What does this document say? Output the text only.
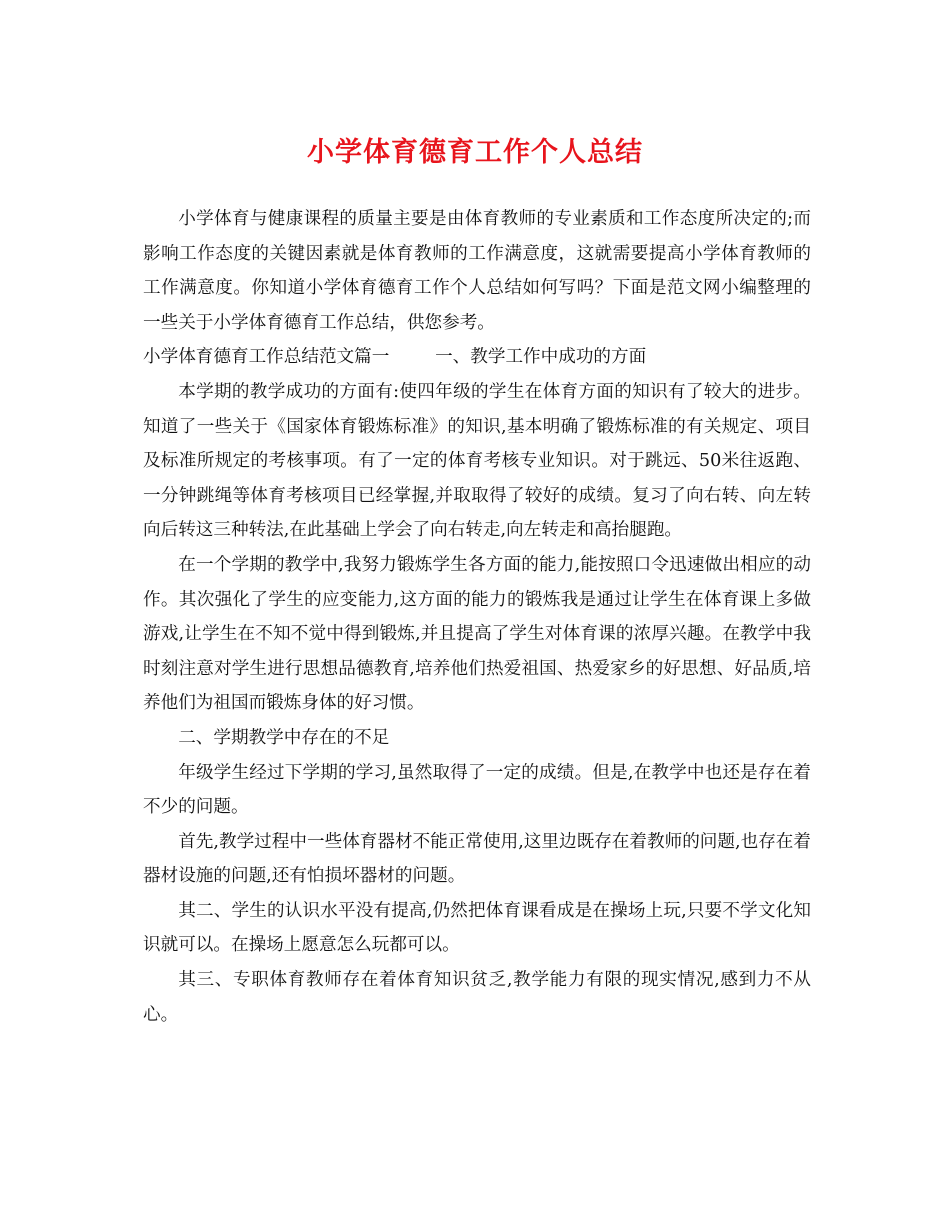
小学体育德育工作个人总结

小学体育与健康课程的质量主要是由体育教师的专业素质和工作态度所决定的;而影响工作态度的关键因素就是体育教师的工作满意度，这就需要提高小学体育教师的工作满意度。你知道小学体育德育工作个人总结如何写吗？下面是范文网小编整理的一些关于小学体育德育工作总结，供您参考。

小学体育德育工作总结范文篇一	一、教学工作中成功的方面

本学期的教学成功的方面有:使四年级的学生在体育方面的知识有了较大的进步。知道了一些关于《国家体育锻炼标准》的知识,基本明确了锻炼标准的有关规定、项目及标准所规定的考核事项。有了一定的体育考核专业知识。对于跳远、50米往返跑、一分钟跳绳等体育考核项目已经掌握,并取取得了较好的成绩。复习了向右转、向左转向后转这三种转法,在此基础上学会了向右转走,向左转走和高抬腿跑。

在一个学期的教学中,我努力锻炼学生各方面的能力,能按照口令迅速做出相应的动作。其次强化了学生的应变能力,这方面的能力的锻炼我是通过让学生在体育课上多做游戏,让学生在不知不觉中得到锻炼,并且提高了学生对体育课的浓厚兴趣。在教学中我时刻注意对学生进行思想品德教育,培养他们热爱祖国、热爱家乡的好思想、好品质,培养他们为祖国而锻炼身体的好习惯。

二、学期教学中存在的不足

年级学生经过下学期的学习,虽然取得了一定的成绩。但是,在教学中也还是存在着不少的问题。

首先,教学过程中一些体育器材不能正常使用,这里边既存在着教师的问题,也存在着器材设施的问题,还有怕损坏器材的问题。

其二、学生的认识水平没有提高,仍然把体育课看成是在操场上玩,只要不学文化知识就可以。在操场上愿意怎么玩都可以。

其三、专职体育教师存在着体育知识贫乏,教学能力有限的现实情况,感到力不从心。
